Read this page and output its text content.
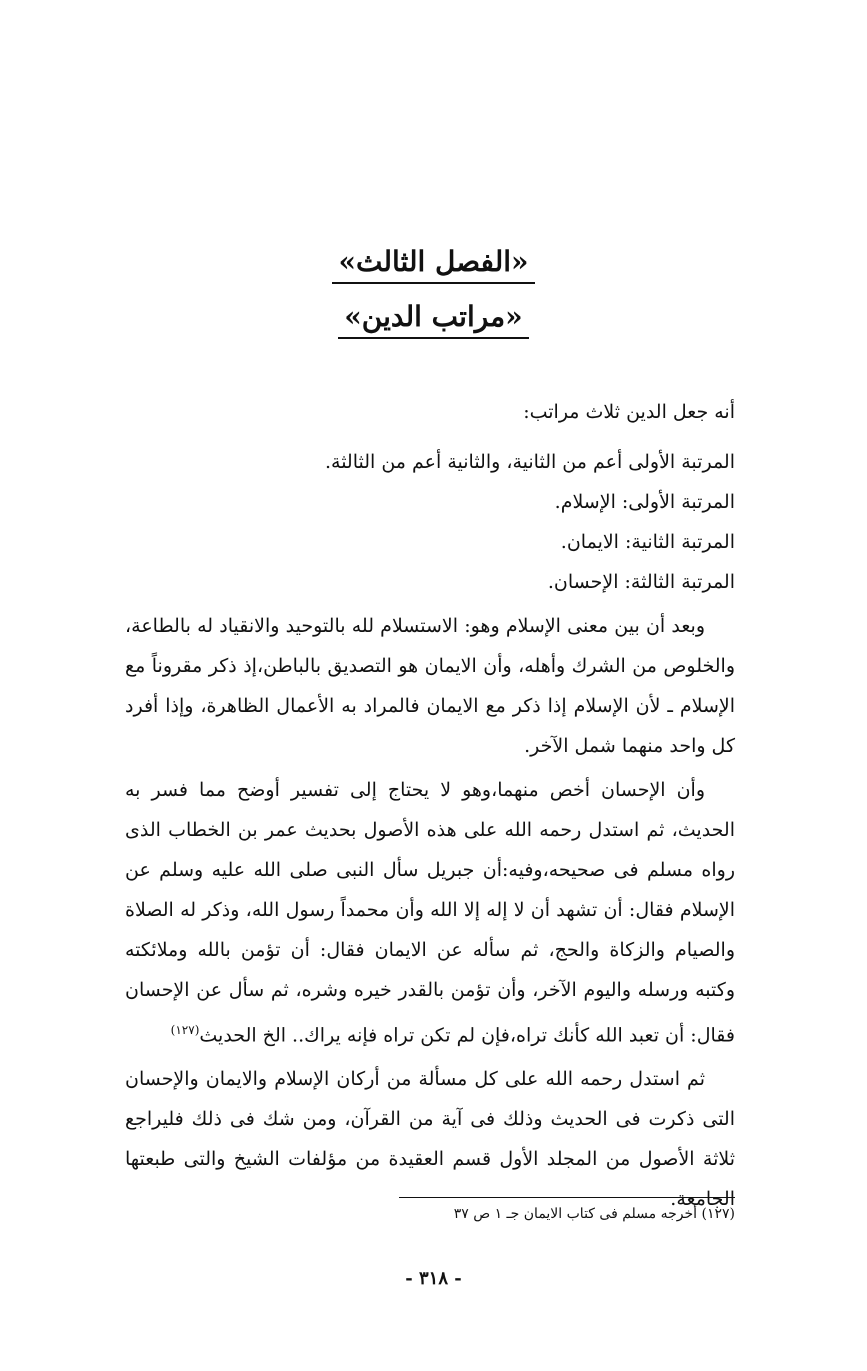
«الفصل الثالث»
«مراتب الدين»

أنه جعل الدين ثلاث مراتب:

المرتبة الأولى أعم من الثانية، والثانية أعم من الثالثة.

المرتبة الأولى: الإسلام.

المرتبة الثانية: الايمان.

المرتبة الثالثة: الإحسان.

وبعد أن بين معنى الإسلام وهو: الاستسلام لله بالتوحيد والانقياد له بالطاعة، والخلوص من الشرك وأهله، وأن الايمان هو التصديق بالباطن،إذ ذكر مقروناً مع الإسلام ـ لأن الإسلام إذا ذكر مع الايمان فالمراد به الأعمال الظاهرة، وإذا أفرد كل واحد منهما شمل الآخر.

وأن الإحسان أخص منهما،وهو لا يحتاج إلى تفسير أوضح مما فسر به الحديث، ثم استدل رحمه الله على هذه الأصول بحديث عمر بن الخطاب الذى رواه مسلم فى صحيحه،وفيه:أن جبريل سأل النبى صلى الله عليه وسلم عن الإسلام فقال: أن تشهد أن لا إله إلا الله وأن محمداً رسول الله، وذكر له الصلاة والصيام والزكاة والحج، ثم سأله عن الايمان فقال: أن تؤمن بالله وملائكته وكتبه ورسله واليوم الآخر، وأن تؤمن بالقدر خيره وشره، ثم سأل عن الإحسان فقال: أن تعبد الله كأنك تراه،فإن لم تكن تراه فإنه يراك.. الخ الحديث$^{(١٢٧)}$

ثم استدل رحمه الله على كل مسألة من أركان الإسلام والايمان والإحسان التى ذكرت فى الحديث وذلك فى آية من القرآن، ومن شك فى ذلك فليراجع ثلاثة الأصول من المجلد الأول قسم العقيدة من مؤلفات الشيخ والتى طبعتها الجامعة.

(١٢٧) أخرجه مسلم فى كتاب الايمان جـ ١ ص ٣٧
- ٣١٨ -
